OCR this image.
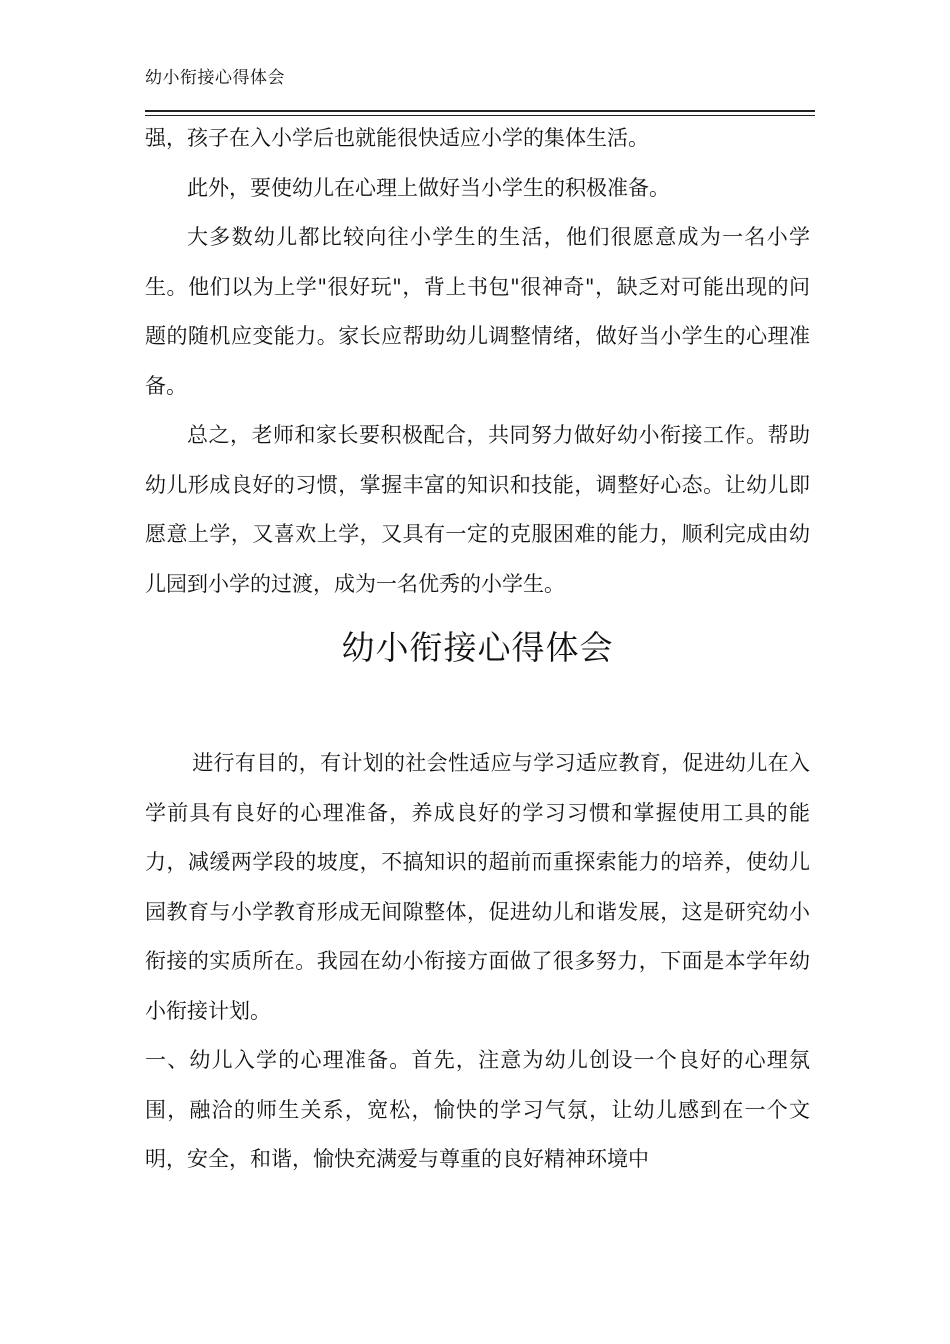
幼小衔接心得体会

强，孩子在入小学后也就能很快适应小学的集体生活。

此外，要使幼儿在心理上做好当小学生的积极准备。

大多数幼儿都比较向往小学生的生活，他们很愿意成为一名小学生。他们以为上学"很好玩"，背上书包"很神奇"，缺乏对可能出现的问题的随机应变能力。家长应帮助幼儿调整情绪，做好当小学生的心理准备。

总之，老师和家长要积极配合，共同努力做好幼小衔接工作。帮助幼儿形成良好的习惯，掌握丰富的知识和技能，调整好心态。让幼儿即愿意上学，又喜欢上学，又具有一定的克服困难的能力，顺利完成由幼儿园到小学的过渡，成为一名优秀的小学生。

幼小衔接心得体会

进行有目的，有计划的社会性适应与学习适应教育，促进幼儿在入学前具有良好的心理准备，养成良好的学习习惯和掌握使用工具的能力，减缓两学段的坡度，不搞知识的超前而重探索能力的培养，使幼儿园教育与小学教育形成无间隙整体，促进幼儿和谐发展，这是研究幼小衔接的实质所在。我园在幼小衔接方面做了很多努力，下面是本学年幼小衔接计划。

一、幼儿入学的心理准备。首先，注意为幼儿创设一个良好的心理氛围，融洽的师生关系，宽松，愉快的学习气氛，让幼儿感到在一个文明，安全，和谐，愉快充满爱与尊重的良好精神环境中
